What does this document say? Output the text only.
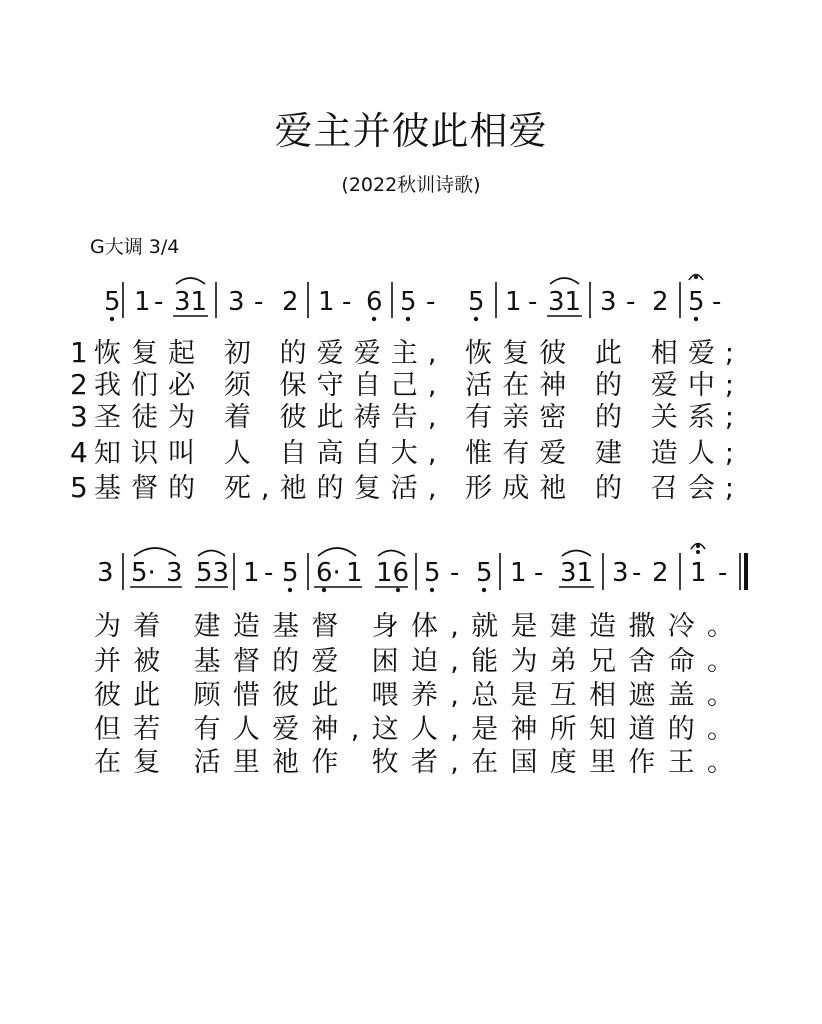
爱主并彼此相爱
(2022秋训诗歌)
G大调 3/4
5 1 - 31 3 - 2 1 - 6 5 - 5 1 - 31 3 - 2 5 -
1 恢复起 初 的爱爱主, 恢复彼 此 相爱;
2 我们必 须 保守自己, 活在神 的 爱中;
3 圣徒为 着 彼此祷告, 有亲密 的 关系;
4 知识叫 人 自高自大, 惟有爱 建 造人;
5 基督的 死,祂的复活, 形成祂 的 召会;
3 5· 3 53 1 - 5 6· 1 16 5 - 5 1 - 31 3 - 2 1 -
为着 建造基督 身体,就是建造撒冷。
并被 基督的爱 困迫,能为弟兄舍命。
彼此 顾惜彼此 喂养,总是互相遮盖。
但若 有人爱神,这人,是神所知道的。
在复 活里祂作 牧者,在国度里作王。
